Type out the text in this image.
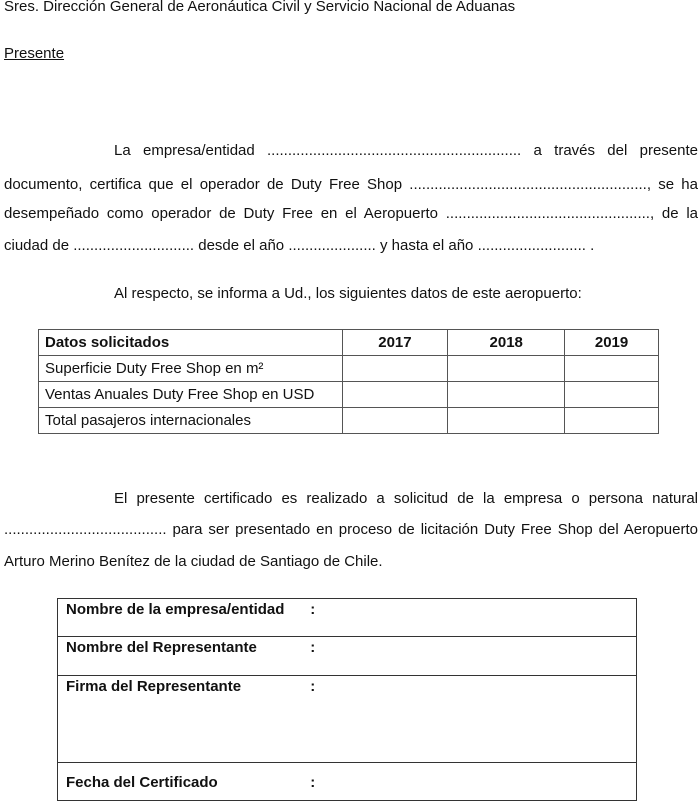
Sres. Dirección General de Aeronáutica Civil y Servicio Nacional de Aduanas
Presente
La empresa/entidad ............................................................. a través del presente
documento, certifica que el operador de Duty Free Shop ........................................................., se ha
desempeñado como operador de Duty Free en el Aeropuerto ................................................., de la
ciudad de ............................. desde el año ..................... y hasta el año .......................... .
Al respecto, se informa a Ud., los siguientes datos de este aeropuerto:
Datos solicitados	2017	2018	2019
Superficie Duty Free Shop en m²			
Ventas Anuales Duty Free Shop en USD			
Total pasajeros internacionales			
El presente certificado es realizado a solicitud de la empresa o persona natural
....................................... para ser presentado en proceso de licitación Duty Free Shop del Aeropuerto
Arturo Merino Benítez de la ciudad de Santiago de Chile.
Nombre de la empresa/entidad	:	
Nombre del Representante	:	
Firma del Representante	:	
Fecha del Certificado	:	
